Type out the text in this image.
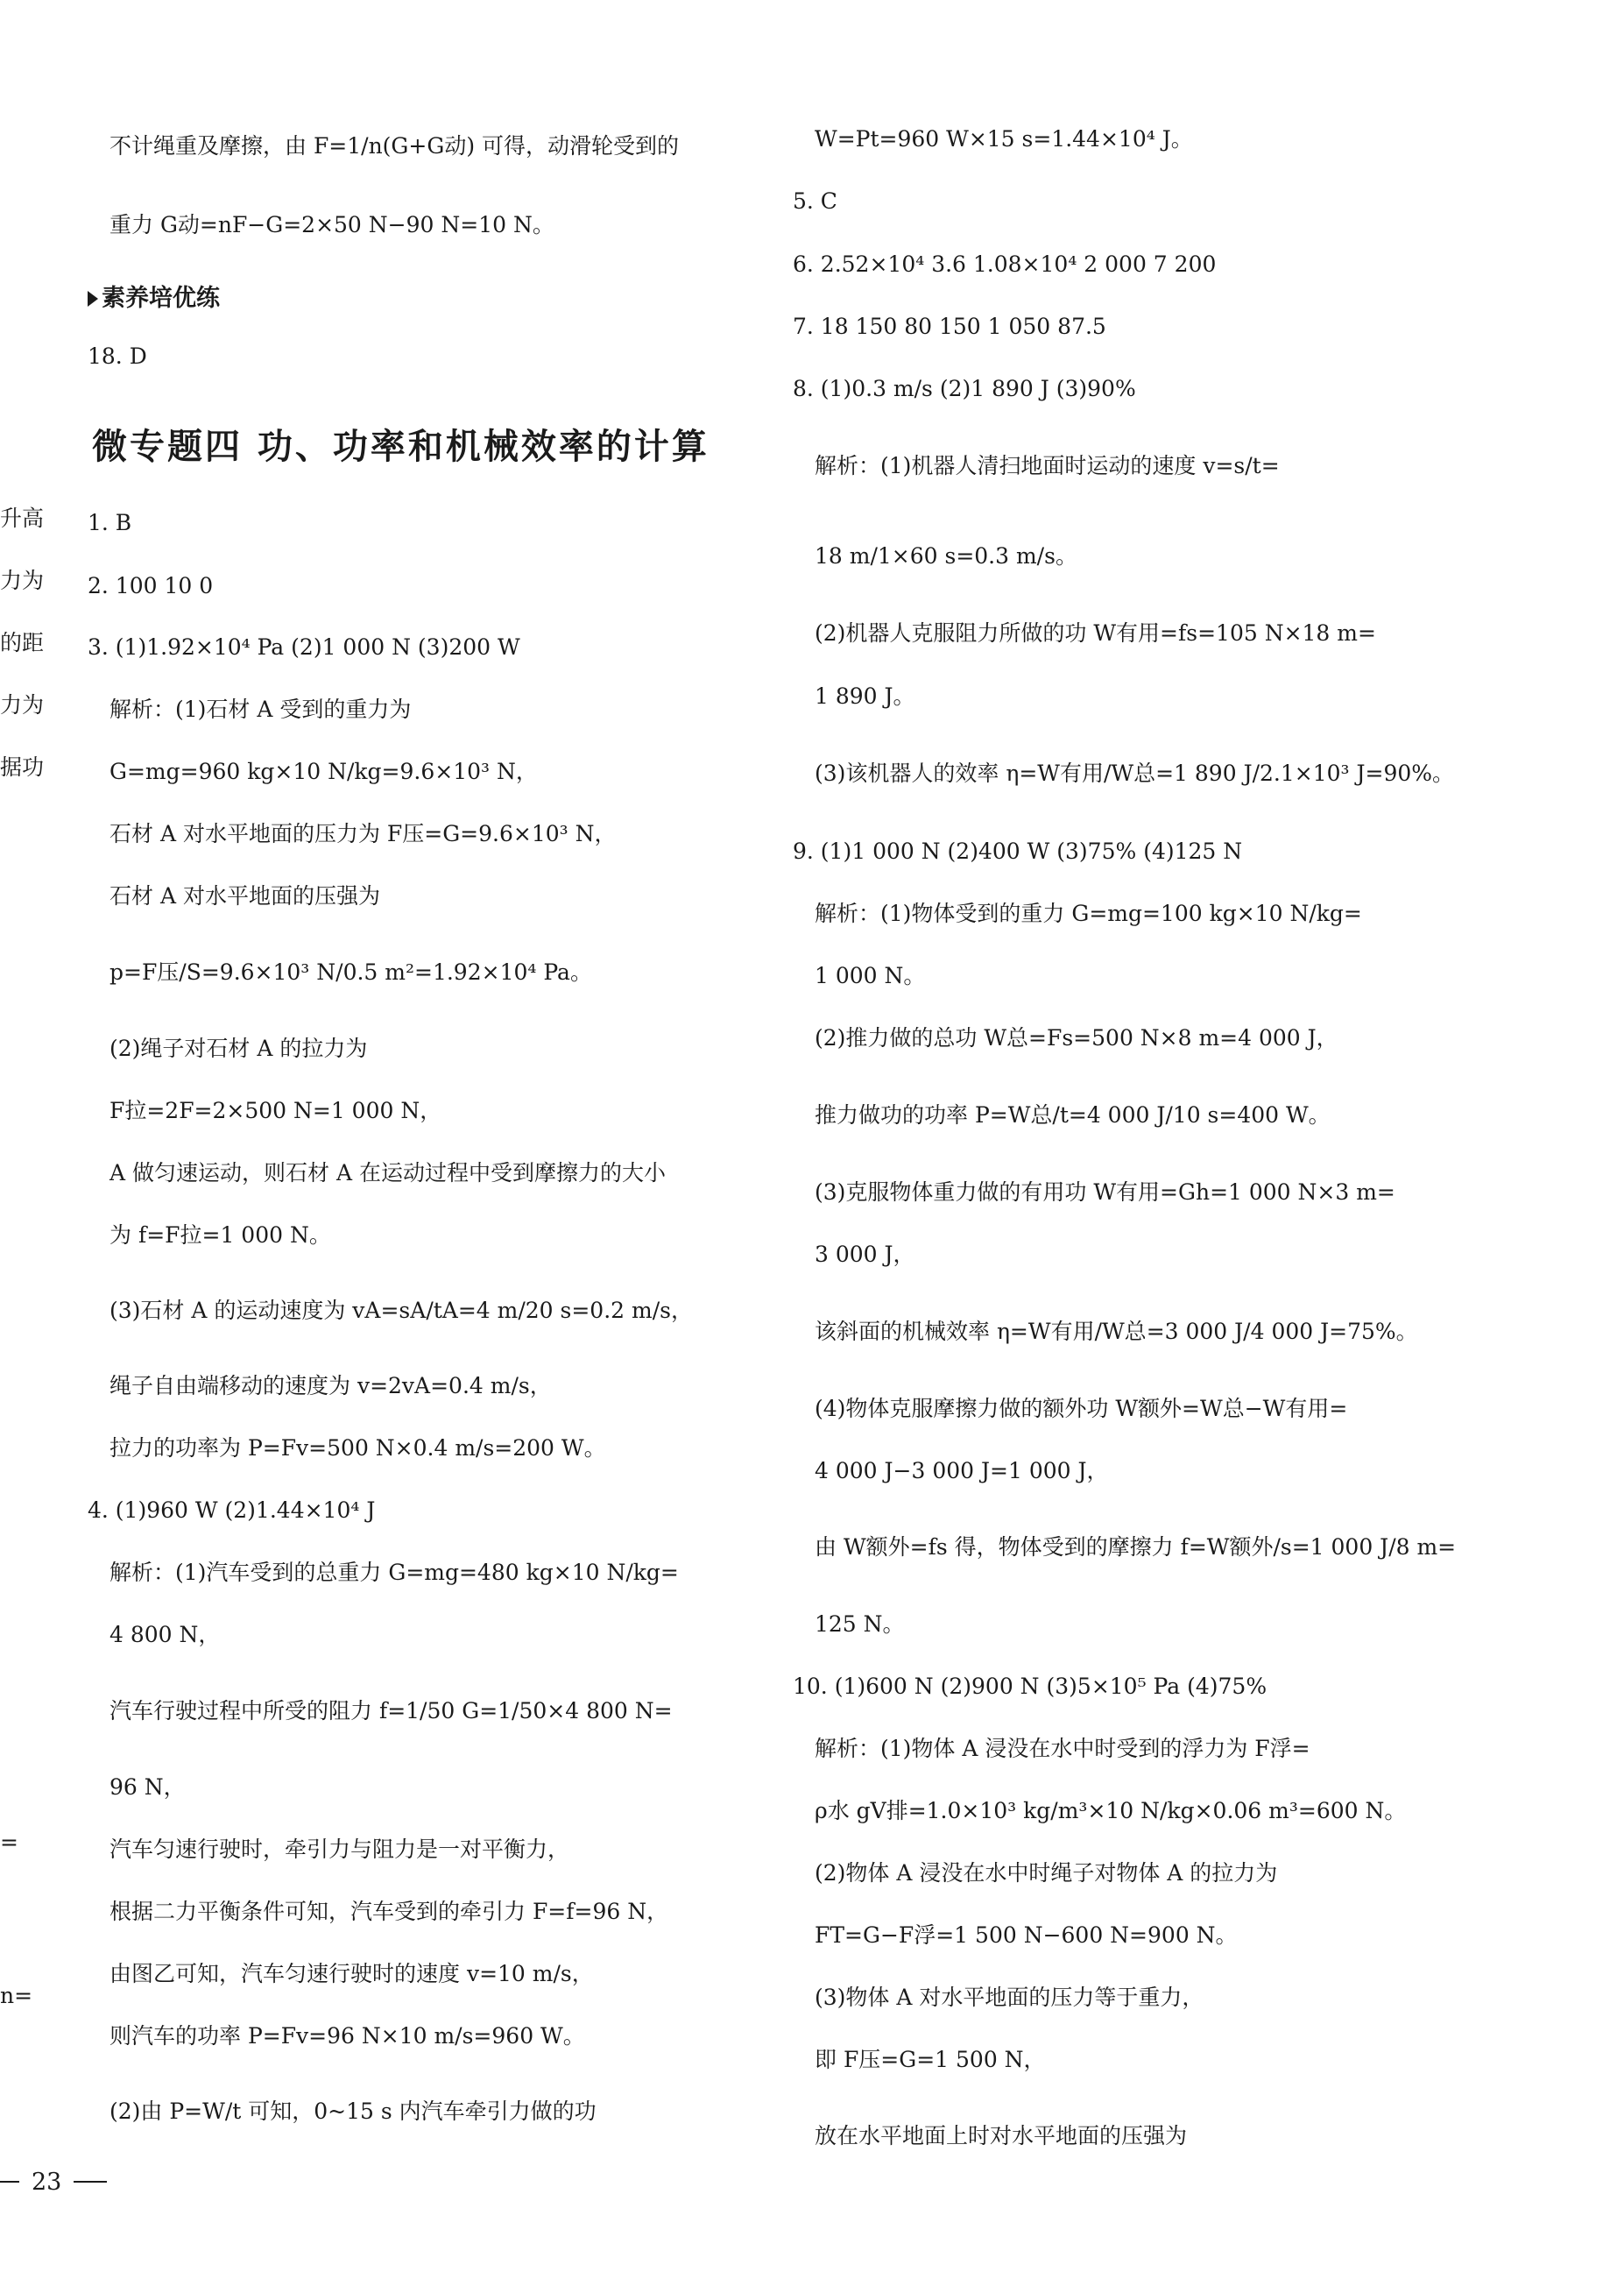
不计绳重及摩擦，由 F=1/n(G+G动) 可得，动滑轮受到的
重力 G动=nF−G=2×50 N−90 N=10 N。
素养培优练
18. D
微专题四 功、功率和机械效率的计算
1. B
2. 100 10 0
3. (1)1.92×10⁴ Pa (2)1 000 N (3)200 W
解析：(1)石材 A 受到的重力为
G=mg=960 kg×10 N/kg=9.6×10³ N，
石材 A 对水平地面的压力为 F压=G=9.6×10³ N，
石材 A 对水平地面的压强为
p=F压/S=9.6×10³ N/0.5 m²=1.92×10⁴ Pa。
(2)绳子对石材 A 的拉力为
F拉=2F=2×500 N=1 000 N，
A 做匀速运动，则石材 A 在运动过程中受到摩擦力的大小
为 f=F拉=1 000 N。
(3)石材 A 的运动速度为 vA=sA/tA=4 m/20 s=0.2 m/s，
绳子自由端移动的速度为 v=2vA=0.4 m/s，
拉力的功率为 P=Fv=500 N×0.4 m/s=200 W。
4. (1)960 W (2)1.44×10⁴ J
解析：(1)汽车受到的总重力 G=mg=480 kg×10 N/kg=
4 800 N，
汽车行驶过程中所受的阻力 f=1/50 G=1/50×4 800 N=
96 N，
汽车匀速行驶时，牵引力与阻力是一对平衡力，
根据二力平衡条件可知，汽车受到的牵引力 F=f=96 N，
由图乙可知，汽车匀速行驶时的速度 v=10 m/s，
则汽车的功率 P=Fv=96 N×10 m/s=960 W。
(2)由 P=W/t 可知，0~15 s 内汽车牵引力做的功
W=Pt=960 W×15 s=1.44×10⁴ J。
5. C
6. 2.52×10⁴ 3.6 1.08×10⁴ 2 000 7 200
7. 18 150 80 150 1 050 87.5
8. (1)0.3 m/s (2)1 890 J (3)90%
解析：(1)机器人清扫地面时运动的速度 v=s/t=
18 m/1×60 s=0.3 m/s。
(2)机器人克服阻力所做的功 W有用=fs=105 N×18 m=
1 890 J。
(3)该机器人的效率 η=W有用/W总=1 890 J/2.1×10³ J=90%。
9. (1)1 000 N (2)400 W (3)75% (4)125 N
解析：(1)物体受到的重力 G=mg=100 kg×10 N/kg=
1 000 N。
(2)推力做的总功 W总=Fs=500 N×8 m=4 000 J，
推力做功的功率 P=W总/t=4 000 J/10 s=400 W。
(3)克服物体重力做的有用功 W有用=Gh=1 000 N×3 m=
3 000 J，
该斜面的机械效率 η=W有用/W总=3 000 J/4 000 J=75%。
(4)物体克服摩擦力做的额外功 W额外=W总−W有用=
4 000 J−3 000 J=1 000 J，
由 W额外=fs 得，物体受到的摩擦力 f=W额外/s=1 000 J/8 m=
125 N。
10. (1)600 N (2)900 N (3)5×10⁵ Pa (4)75%
解析：(1)物体 A 浸没在水中时受到的浮力为 F浮=
ρ水 gV排=1.0×10³ kg/m³×10 N/kg×0.06 m³=600 N。
(2)物体 A 浸没在水中时绳子对物体 A 的拉力为
FT=G−F浮=1 500 N−600 N=900 N。
(3)物体 A 对水平地面的压力等于重力，
即 F压=G=1 500 N，
放在水平地面上时对水平地面的压强为
升高
力为
的距
力为
据功
=
n=
23
